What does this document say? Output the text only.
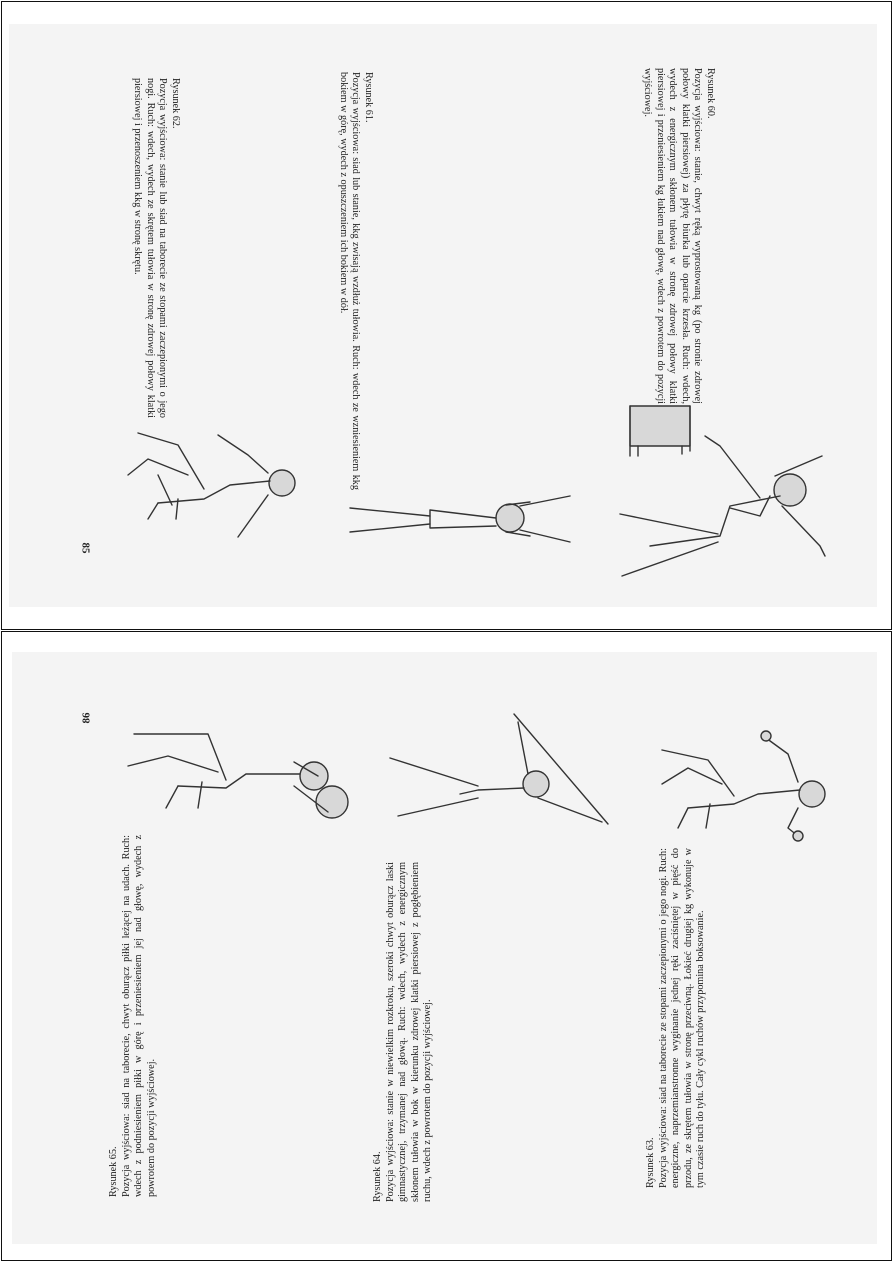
Rysunek 60.

Pozycja wyjściowa: stanie, chwyt ręką wyprostowaną kg (po stronie zdrowej połowy klatki piersiowej) za płytę biurka lub oparcie krzesła. Ruch: wdech, wydech z energicznym skłonem tułowia w stronę zdrowej połowy klatki piersiowej i przeniesieniem kg łukiem nad głowę, wdech z powrotem do pozycji wyjściowej.

Rysunek 61.

Pozycja wyjściowa: siad lub stanie, kkg zwisają wzdłuż tułowia. Ruch: wdech ze wzniesieniem kkg bokiem w górę, wydech z opuszczeniem ich bokiem w dół.

Rysunek 62.

Pozycja wyjściowa: stanie lub siad na taborecie ze stopami zaczepionymi o jego nogi. Ruch: wdech, wydech ze skrętem tułowia w stronę zdrowej połowy klatki piersiowej i przenoszeniem kkg w stronę skrętu.

85
86
Rysunek 63. Pozycja wyjściowa: siad na taborecie ze stopami zaczepionymi o jego nogi. Ruch: energiczne, naprzemianstronne wyginanie jednej ręki zaciśniętej w pięść do przodu, ze skrętem tułowia w stronę przeciwną. Łokieć drugiej kg wykonuje w tym czasie ruch do tyłu. Cały cykl ruchów przypomina boksowanie.

Rysunek 64. Pozycja wyjściowa: stanie w niewielkim rozkroku, szeroki chwyt oburącz laski gimnastycznej, trzymanej nad głową. Ruch: wdech, wydech z energicznym skłonem tułowia w bok w kierunku zdrowej klatki piersiowej z pogłębieniem ruchu, wdech z powrotem do pozycji wyjściowej.

Rysunek 65. Pozycja wyjściowa: siad na taborecie, chwyt oburącz piłki leżącej na udach. Ruch: wdech z podniesieniem piłki w górę i przeniesieniem jej nad głowę, wydech z powrotem do pozycji wyjściowej.
